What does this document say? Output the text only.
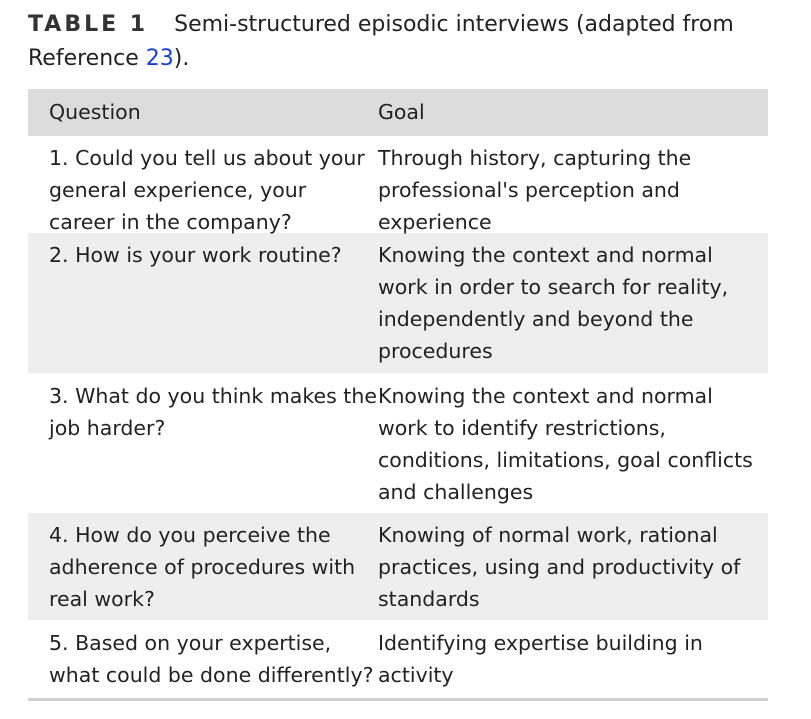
TABLE 1 Semi-structured episodic interviews (adapted from Reference 23).
Question	Goal
1. Could you tell us about your general experience, your career in the company?
Through history, capturing the professional's perception and experience
2. How is your work routine?	Knowing the context and normal work in order to search for reality, independently and beyond the procedures
3. What do you think makes the job harder?
Knowing the context and normal work to identify restrictions, conditions, limitations, goal conflicts and challenges
4. How do you perceive the adherence of procedures with real work?
Knowing of normal work, rational practices, using and productivity of standards
5. Based on your expertise, what could be done differently?
Identifying expertise building in activity
